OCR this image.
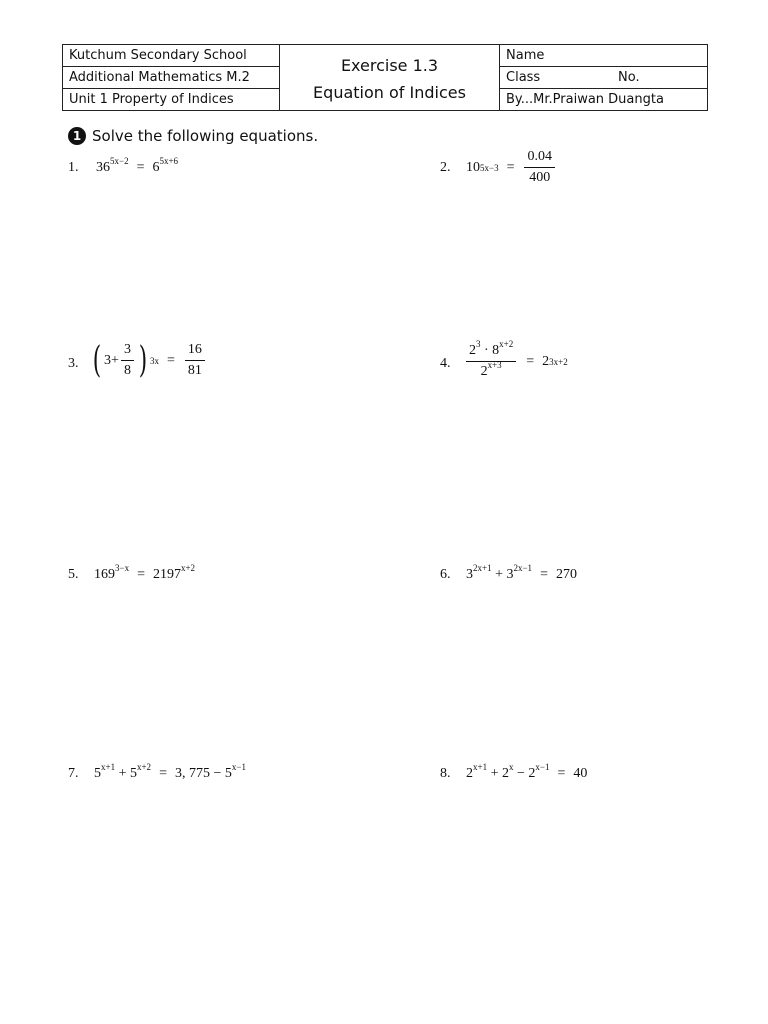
Kutchum Secondary School
Additional Mathematics M.2
Unit 1 Property of Indices
Exercise 1.3
Equation of Indices
Name
Class	No.
By...Mr.Praiwan Duangta
1 Solve the following equations.
1. $36^{5x-2} = 6^{5x+6}$	2. 10 $5x-3 = \frac{0.04}{400}$
3. ( $3 + \frac{3}{8}$ ) $3x = \frac{16}{81}$	4. $\frac{2^3 \cdot 8^{x+2}}{2^{x+3}} = 2$ 3x+2
5. $169^{3-x} = 2197^{x+2}$	6. $3^{2x+1} + 3^{2x-1} = 270$
7. $5^{x+1} + 5^{x+2} = 3$, $775 - 5^{x-1}$	8. $2^{x+1} + 2^x - 2^{x-1} = 40$
